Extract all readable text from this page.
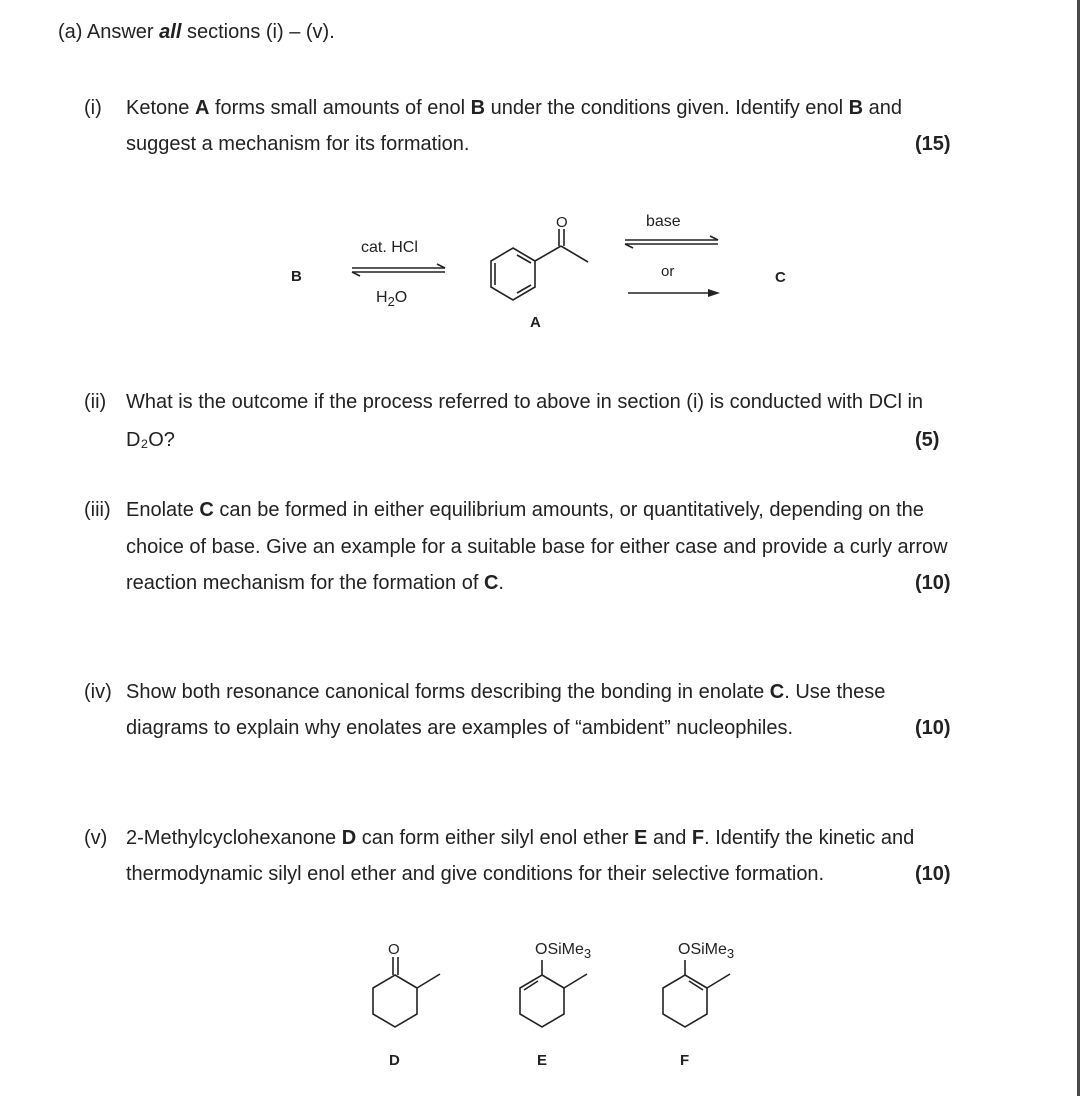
(a) Answer all sections (i) – (v).
(i) Ketone A forms small amounts of enol B under the conditions given. Identify enol B and
suggest a mechanism for its formation.	(15)
B
cat. HCl
$H_2O$
O
A
base
or	C
(ii) What is the outcome if the process referred to above in section (i) is conducted with DCl in
D₂O?	(5)
(iii) Enolate C can be formed in either equilibrium amounts, or quantitatively, depending on the
choice of base. Give an example for a suitable base for either case and provide a curly arrow
reaction mechanism for the formation of C.	(10)
(iv) Show both resonance canonical forms describing the bonding in enolate C. Use these
diagrams to explain why enolates are examples of “ambident” nucleophiles.	(10)
(v) 2-Methylcyclohexanone D can form either silyl enol ether E and F. Identify the kinetic and
thermodynamic silyl enol ether and give conditions for their selective formation.	(10)
O	OSiMe$_3$	OSiMe$_3$
D	E	F
